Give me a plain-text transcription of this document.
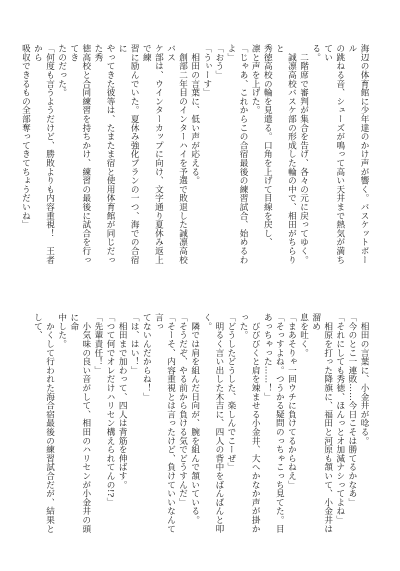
海辺の体育館に少年達のかけ声が響く。バスケットボール
の跳ねる音、シューズが鳴って高い天井まで熱気が満ちてい
る。
　二階席で審判が集合を告げ、各々の元に戻ってゆく。
　誠凛高校バスケ部の形成した輪の中で、相田がちらりと
秀徳高校の輪を見遣る。口角を上げて目線を戻し、
凛と声を上げた。
「じゃあ、これからこの合宿最後の練習試合、始めるわよ」
「おう」
「うぃーす」
　相田の言葉に、低い声が応える。
　創部二年目のインターハイを予選で敗退した誠凛高校バス
ケ部は、ウインターカップに向け、文字通り夏休み返上で練
習に励んでいた。夏休み強化プランの一つ、海での合宿に
やってきた彼等は、たまたま宿と使用体育館が同じだった秀
徳高校と合同練習を持ちかけ、練習の最後に試合を行ってき
たのだった。
「何度も言うようだけど、勝敗よりも内容重視！　王者から
吸収できるもの全部奪ってきてちょうだいね」
　相田の言葉に、小金井が唸る。
「今のとこ一連敗……今日こそは勝てるかなあ」
「それにしても秀徳、ほんっとオ加減ナシってよね」
　相原を打った降旗に、福田と河原も頷いて、小金井は溜め
息を吐く。
「まあそりゃ一回ウチに負けてるからねえ」
「そっすよね。つうかる疑問のっちゃこっち見てた。目
あっちゃった……！」
　びびびくと肩を竦ませる小金井、大へかなか声が掛かった。
「どうしたどうした、楽しんでこーぜ」
　明るく言い出した木吉に、四人の背中をばんばんと叩く。
　隣では肩を組んだ日向が、腕を組んで頷いている。
「そうだぞ、やる前から負ける気でどうすんだ」
「そーそ、内容重視とは言ったけど、負けていいなんて言っ
てないんだからね！」
「は、はい！」
　相田まで加わって、四人は背筋を伸ばす。
「つて何でオレだけハリセン構えられてんの!?」
「先輩責任！」
　小気味の良い音がして、相田のハリセンが小金井の頭に命
中した。
　かくして行われた海合宿最後の練習試合だが、結果として、
